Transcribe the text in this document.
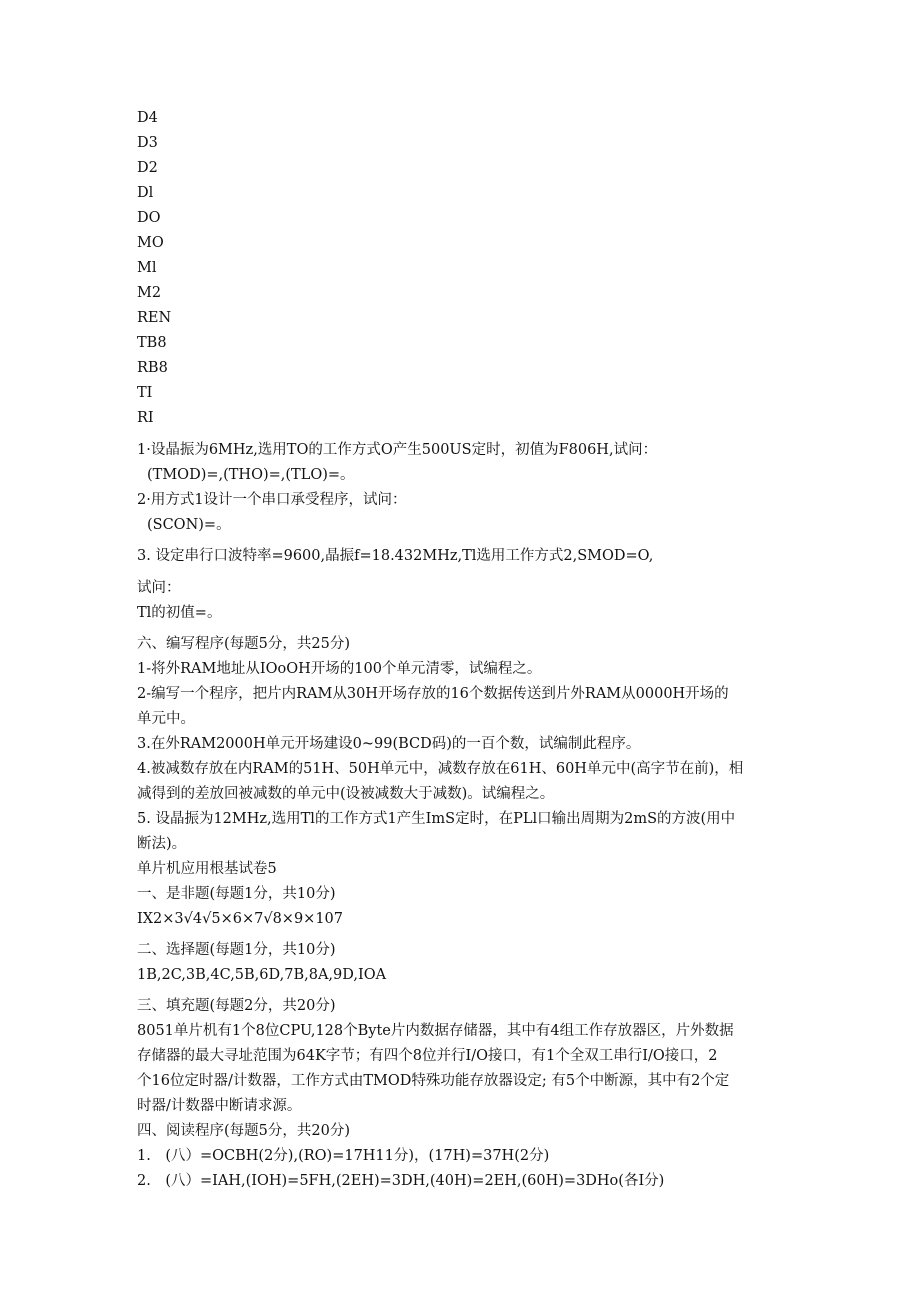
D4
D3
D2
Dl
DO
MO
Ml
M2
REN
TB8
RB8
TI
RI
1·设晶振为6MHz,选用TO的工作方式O产生500US定时，初值为F806H,试问：
(TMOD)=,(THO)=,(TLO)=。
2·用方式1设计一个串口承受程序，试问：
(SCON)=。
3. 设定串行口波特率=9600,晶振f=18.432MHz,Tl选用工作方式2,SMOD=O,
试问：
Tl的初值=。
六、编写程序(每题5分，共25分)
1-将外RAM地址从IOoOH开场的100个单元清零，试编程之。
2-编写一个程序，把片内RAM从30H开场存放的16个数据传送到片外RAM从0000H开场的
单元中。
3.在外RAM2000H单元开场建设0~99(BCD码)的一百个数，试编制此程序。
4.被减数存放在内RAM的51H、50H单元中，减数存放在61H、60H单元中(高字节在前)，相
减得到的差放回被减数的单元中(设被减数大于减数)。试编程之。
5. 设晶振为12MHz,选用Tl的工作方式1产生ImS定时，在PLl口输出周期为2mS的方波(用中
断法)。
单片机应用根基试卷5
一、是非题(每题1分，共10分)
IX2×3√4√5×6×7√8×9×107
二、选择题(每题1分，共10分)
1B,2C,3B,4C,5B,6D,7B,8A,9D,IOA
三、填充题(每题2分，共20分)
8051单片机有1个8位CPU,128个Byte片内数据存储器，其中有4组工作存放器区，片外数据
存储器的最大寻址范围为64K字节；有四个8位并行I/O接口，有1个全双工串行I/O接口，2
个16位定时器/计数器，工作方式由TMOD特殊功能存放器设定; 有5个中断源，其中有2个定
时器/计数器中断请求源。
四、阅读程序(每题5分，共20分)
1.　(八）=OCBH(2分),(RO)=17H11分)，(17H)=37H(2分)
2.　(八）=IAH,(IOH)=5FH,(2EH)=3DH,(40H)=2EH,(60H)=3DHo(各I分)
